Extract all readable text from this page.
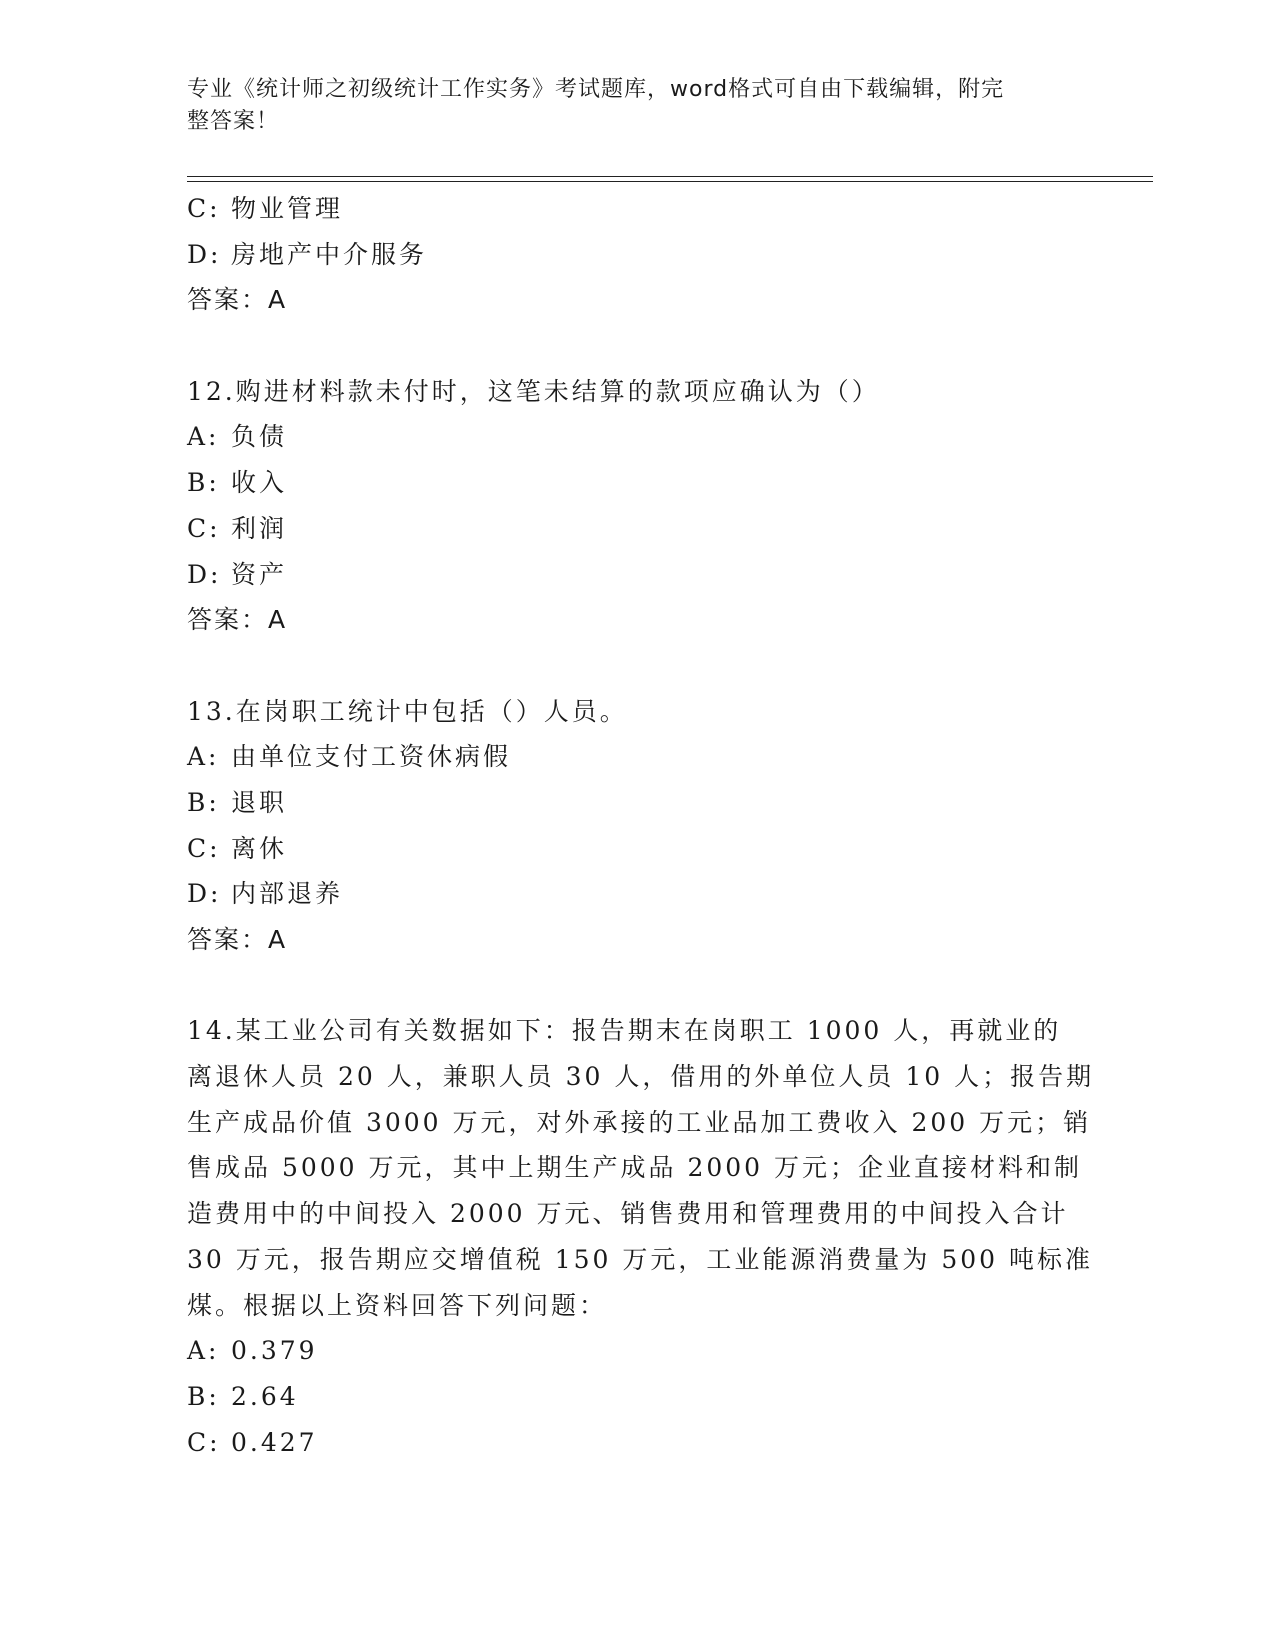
专业《统计师之初级统计工作实务》考试题库，word格式可自由下载编辑，附完
整答案！
C: 物业管理
D: 房地产中介服务
答案：A
12.购进材料款未付时，这笔未结算的款项应确认为（）
A: 负债
B: 收入
C: 利润
D: 资产
答案：A
13.在岗职工统计中包括（）人员。
A: 由单位支付工资休病假
B: 退职
C: 离休
D: 内部退养
答案：A
14.某工业公司有关数据如下：报告期末在岗职工 1000 人，再就业的
离退休人员 20 人，兼职人员 30 人，借用的外单位人员 10 人；报告期
生产成品价值 3000 万元，对外承接的工业品加工费收入 200 万元；销
售成品 5000 万元，其中上期生产成品 2000 万元；企业直接材料和制
造费用中的中间投入 2000 万元、销售费用和管理费用的中间投入合计
30 万元，报告期应交增值税 150 万元，工业能源消费量为 500 吨标准
煤。根据以上资料回答下列问题：
A: 0.379
B: 2.64
C: 0.427
